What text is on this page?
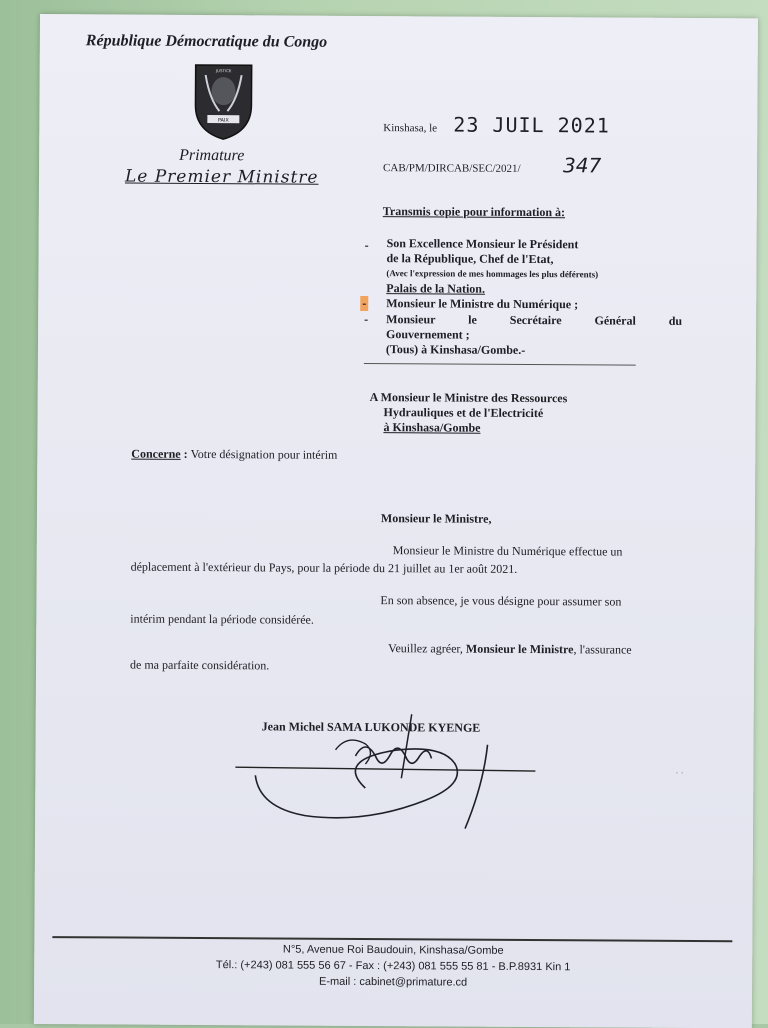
République Démocratique du Congo
PAIX
JUSTICE
Primature
Le Premier Ministre
Kinshasa, le 23 JUIL 2021
CAB/PM/DIRCAB/SEC/2021/ 347
Transmis copie pour information à:
- Son Excellence Monsieur le Président
de la République, Chef de l'Etat,
(Avec l'expression de mes hommages les plus déférents)
Palais de la Nation.
- Monsieur le Ministre du Numérique ;
- Monsieur le Secrétaire Général du
Gouvernement ;
(Tous) à Kinshasa/Gombe.-
A Monsieur le Ministre des Ressources
Hydrauliques et de l'Electricité
à Kinshasa/Gombe
Concerne : Votre désignation pour intérim
Monsieur le Ministre,
Monsieur le Ministre du Numérique effectue un
déplacement à l'extérieur du Pays, pour la période du 21 juillet au 1er août 2021.
En son absence, je vous désigne pour assumer son
intérim pendant la période considérée.
Veuillez agréer, Monsieur le Ministre, l'assurance
de ma parfaite considération.
Jean Michel SAMA LUKONDE KYENGE
· ·
N°5, Avenue Roi Baudouin, Kinshasa/Gombe
Tél.: (+243) 081 555 56 67 - Fax : (+243) 081 555 55 81 - B.P.8931 Kin 1
E-mail : cabinet@primature.cd
